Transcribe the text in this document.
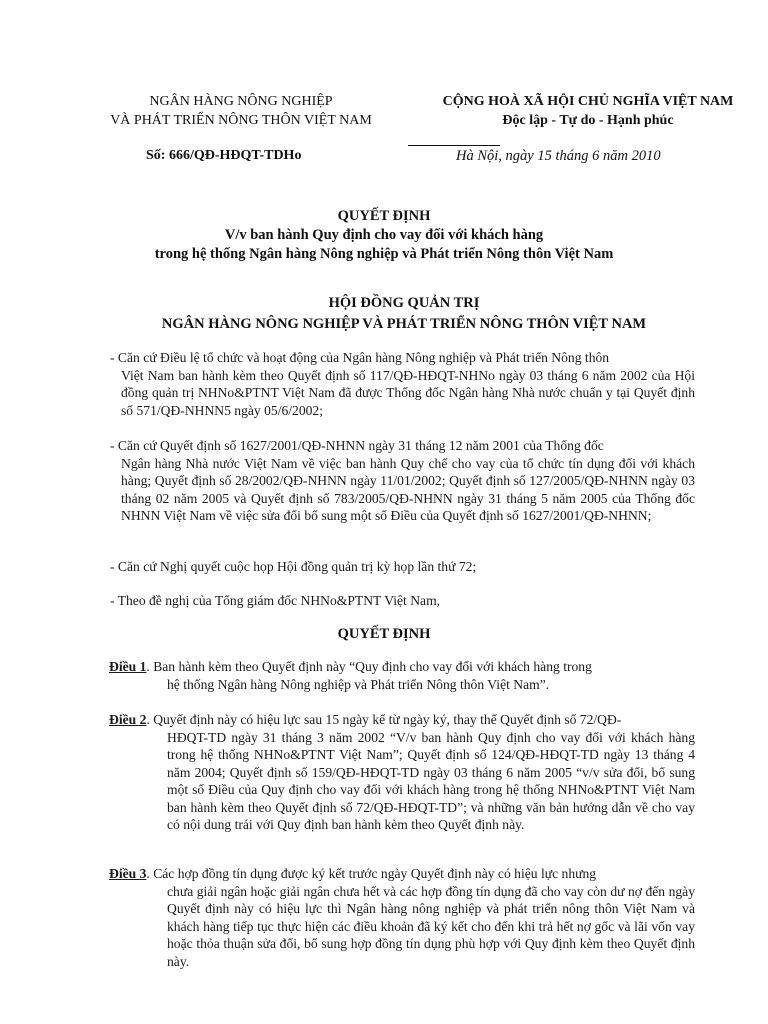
NGÂN HÀNG NÔNG NGHIỆP
VÀ PHÁT TRIỂN NÔNG THÔN VIỆT NAM
Số: 666/QĐ-HĐQT-TDHo
CỘNG HOÀ XÃ HỘI CHỦ NGHĨA VIỆT NAM
Độc lập - Tự do - Hạnh phúc
Hà Nội, ngày 15 tháng 6 năm 2010
QUYẾT ĐỊNH
V/v ban hành Quy định cho vay đối với khách hàng
trong hệ thống Ngân hàng Nông nghiệp và Phát triển Nông thôn Việt Nam
HỘI ĐỒNG QUẢN TRỊ
NGÂN HÀNG NÔNG NGHIỆP VÀ PHÁT TRIỂN NÔNG THÔN VIỆT NAM
- Căn cứ Điều lệ tổ chức và hoạt động của Ngân hàng Nông nghiệp và Phát triển Nông thôn
Việt Nam ban hành kèm theo Quyết định số 117/QĐ-HĐQT-NHNo ngày 03 tháng 6 năm 2002 của Hội đồng quản trị NHNo&PTNT Việt Nam đã được Thống đốc Ngân hàng Nhà nước chuẩn y tại Quyết định số 571/QĐ-NHNN5 ngày 05/6/2002;
- Căn cứ Quyết định số 1627/2001/QĐ-NHNN ngày 31 tháng 12 năm 2001 của Thống đốc
Ngân hàng Nhà nước Việt Nam về việc ban hành Quy chế cho vay của tổ chức tín dụng đối với khách hàng; Quyết định số 28/2002/QĐ-NHNN ngày 11/01/2002; Quyết định số 127/2005/QĐ-NHNN ngày 03 tháng 02 năm 2005 và Quyết định số 783/2005/QĐ-NHNN ngày 31 tháng 5 năm 2005 của Thống đốc NHNN Việt Nam về việc sửa đổi bổ sung một số Điều của Quyết định số 1627/2001/QĐ-NHNN;
- Căn cứ Nghị quyết cuộc họp Hội đồng quản trị kỳ họp lần thứ 72;
- Theo đề nghị của Tổng giám đốc NHNo&PTNT Việt Nam,
QUYẾT ĐỊNH
Điều 1. Ban hành kèm theo Quyết định này “Quy định cho vay đối với khách hàng trong
hệ thống Ngân hàng Nông nghiệp và Phát triển Nông thôn Việt Nam”.
Điều 2. Quyết định này có hiệu lực sau 15 ngày kể từ ngày ký, thay thế Quyết định số 72/QĐ-
HĐQT-TD ngày 31 tháng 3 năm 2002 “V/v ban hành Quy định cho vay đối với khách hàng trong hệ thống NHNo&PTNT Việt Nam”; Quyết định số 124/QĐ-HĐQT-TD ngày 13 tháng 4 năm 2004; Quyết định số 159/QĐ-HĐQT-TD ngày 03 tháng 6 năm 2005 “v/v sửa đổi, bổ sung một số Điều của Quy định cho vay đối với khách hàng trong hệ thống NHNo&PTNT Việt Nam ban hành kèm theo Quyết định số 72/QĐ-HĐQT-TD”; và những văn bản hướng dẫn về cho vay có nội dung trái với Quy định ban hành kèm theo Quyết định này.
Điều 3. Các hợp đồng tín dụng được ký kết trước ngày Quyết định này có hiệu lực nhưng
chưa giải ngân hoặc giải ngân chưa hết và các hợp đồng tín dụng đã cho vay còn dư nợ đến ngày Quyết định này có hiệu lực thì Ngân hàng nông nghiệp và phát triển nông thôn Việt Nam và khách hàng tiếp tục thực hiện các điều khoản đã ký kết cho đến khi trả hết nợ gốc và lãi vốn vay hoặc thỏa thuận sửa đổi, bổ sung hợp đồng tín dụng phù hợp với Quy định kèm theo Quyết định này.
